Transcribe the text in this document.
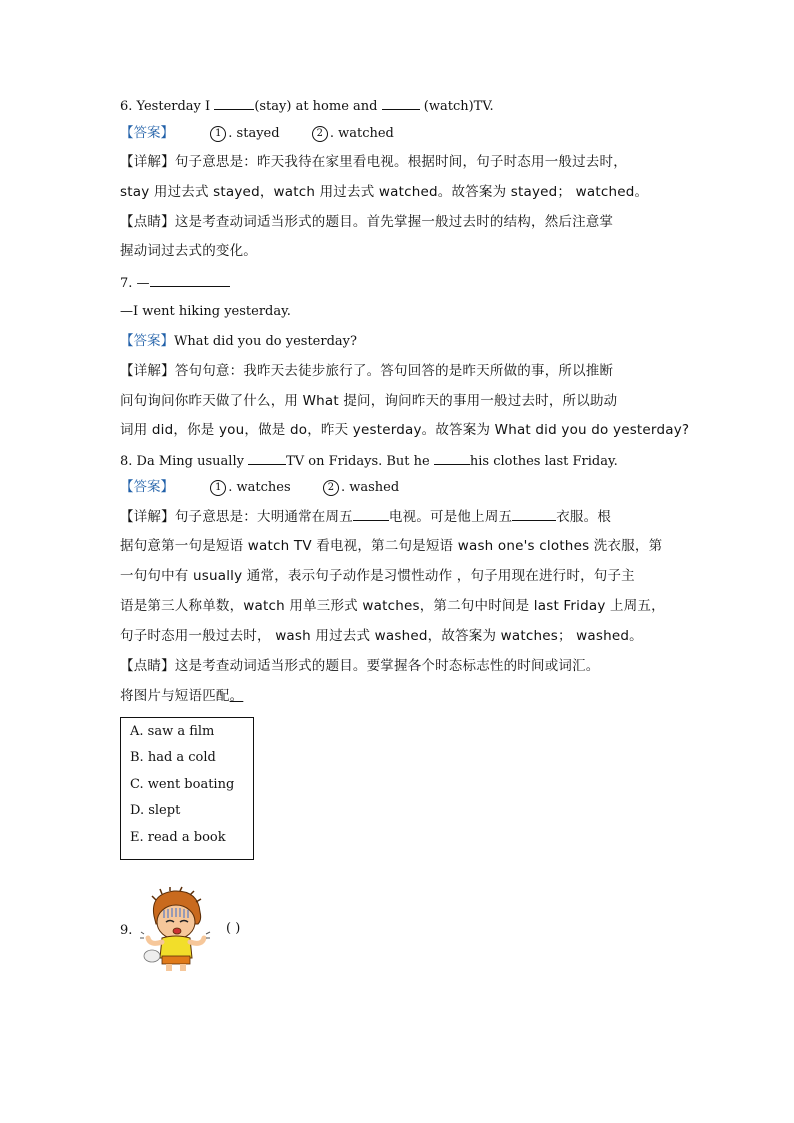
6. Yesterday I	(stay) at home and	(watch)TV.
【答案】	1 . stayed	2 . watched
【详解】句子意思是：昨天我待在家里看电视。根据时间，句子时态用一般过去时，
stay 用过去式 stayed，watch 用过去式 watched。故答案为 stayed； watched。
【点睛】这是考查动词适当形式的题目。首先掌握一般过去时的结构，然后注意掌
握动词过去式的变化。
7. —
—I went hiking yesterday.
【答案】What did you do yesterday?
【详解】答句句意：我昨天去徒步旅行了。答句回答的是昨天所做的事，所以推断
问句询问你昨天做了什么，用 What 提问，询问昨天的事用一般过去时，所以助动
词用 did，你是 you，做是 do，昨天 yesterday。故答案为 What did you do yesterday?
8. Da Ming usually	TV on Fridays. But he	his clothes last Friday.
【答案】	1 . watches	2 . washed
【详解】句子意思是：大明通常在周五	电视。可是他上周五	衣服。根
据句意第一句是短语 watch TV 看电视，第二句是短语 wash one's clothes 洗衣服，第
一句句中有 usually 通常，表示句子动作是习惯性动作 ，句子用现在进行时，句子主
语是第三人称单数，watch 用单三形式 watches，第二句中时间是 last Friday 上周五，
句子时态用一般过去时， wash 用过去式 washed，故答案为 watches； washed。
【点睛】这是考查动词适当形式的题目。要掌握各个时态标志性的时间或词汇。
将图片与短语匹配。
A. saw a film
B. had a cold
C. went boating
D. slept
E. read a book
9.	( )
